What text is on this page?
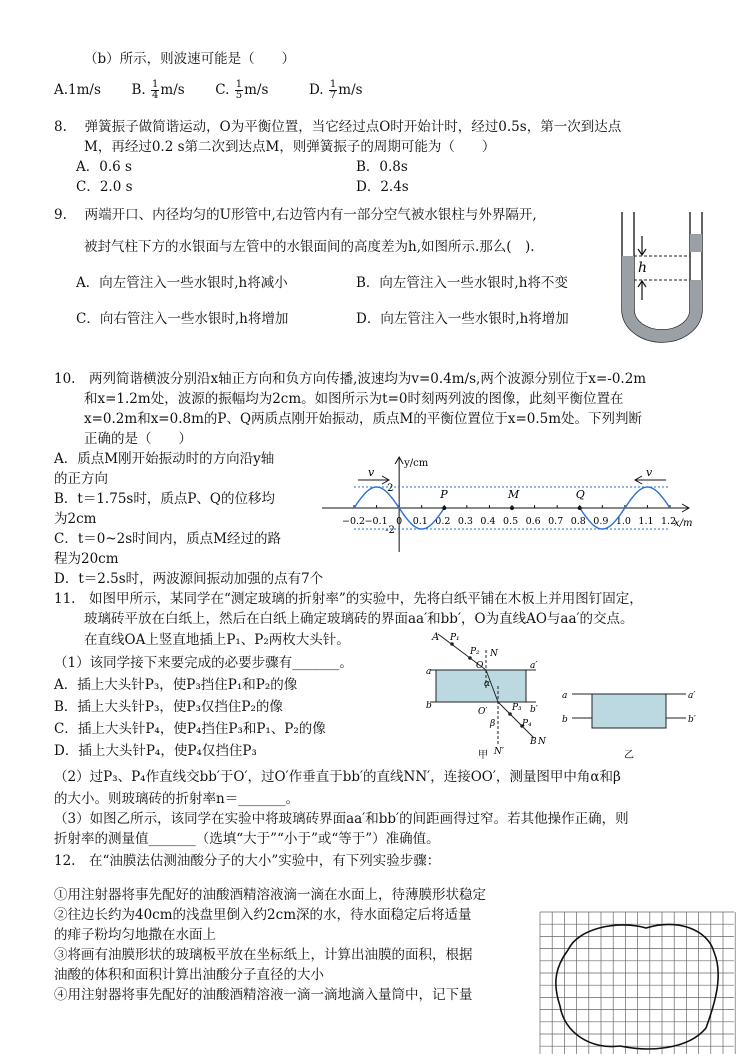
（b）所示，则波速可能是（　　）
A.1m/s B. $\frac{1}{4} m/s$ C. $\frac{1}{5} m/s$	D. $\frac{1}{7} m/s$
8.　 弹簧振子做简谐运动，O为平衡位置，当它经过点O时开始计时，经过0.5s，第一次到达点
M，再经过0.2 s第二次到达点M，则弹簧振子的周期可能为（　　）
A．0.6 s	B．0.8s
C．2.0 s	D．2.4s
9.　 两端开口、内径均匀的U形管中,右边管内有一部分空气被水银柱与外界隔开,
被封气柱下方的水银面与左管中的水银面间的高度差为h,如图所示.那么(　).
A．向左管注入一些水银时,h将减小	B．向左管注入一些水银时,h将不变
C．向右管注入一些水银时,h将增加	D．向左管注入一些水银时,h将增加
h
10.　两列简谐横波分别沿x轴正方向和负方向传播,波速均为v=0.4m/s,两个波源分别位于x=-0.2m
和x=1.2m处，波源的振幅均为2cm。如图所示为t=0时刻两列波的图像，此刻平衡位置在
x=0.2m和x=0.8m的P、Q两质点刚开始振动，质点M的平衡位置位于x=0.5m处。下列判断
正确的是（　　）
A．质点M刚开始振动时的方向沿y轴
的正方向
B．t＝1.75s时，质点P、Q的位移均
为2cm
C．t＝0~2s时间内，质点M经过的路
程为20cm
D．t＝2.5s时，两波源间振动加强的点有7个
y/cm
x/m
2
-2
−0.2 −0.1 0 0.1 0.2 0.3 0.4 0.5 0.6 0.7 0.8 0.9 1.0 1.1 1.2
P	M	Q
v	v
11.　如图甲所示，某同学在“测定玻璃的折射率”的实验中，先将白纸平铺在木板上并用图钉固定，
玻璃砖平放在白纸上，然后在白纸上确定玻璃砖的界面aa′和bb′，O为直线AO与aa′的交点。
在直线OA上竖直地插上P₁、P₂两枚大头针。
（1）该同学接下来要完成的必要步骤有_______。
A．插上大头针P₃，使P₃挡住P₁和P₂的像
B．插上大头针P₃，使P₃仅挡住P₂的像
C．插上大头针P₄，使P₄挡住P₃和P₁、P₂的像
D．插上大头针P₄，使P₄仅挡住P₃
（2）过P₃、P₄作直线交bb′于O′，过O′作垂直于bb′的直线NN′，连接OO′，测量图甲中角α和β
的大小。则玻璃砖的折射率n＝_______。
（3）如图乙所示，该同学在实验中将玻璃砖界面aa′和bb′的间距画得过窄。若其他操作正确，则
折射率的测量值_______（选填“大于”“小于”或“等于”）准确值。
A P₁
P₂ N
O
α
a
a′
b	b′
O′
β
P₃
P₄
B N
N′
甲
a	a′
b	b′
乙
12.　在“油膜法估测油酸分子的大小”实验中，有下列实验步骤：
①用注射器将事先配好的油酸酒精溶液滴一滴在水面上，待薄膜形状稳定
②往边长约为40cm的浅盘里倒入约2cm深的水，待水面稳定后将适量
的痱子粉均匀地撒在水面上
③将画有油膜形状的玻璃板平放在坐标纸上，计算出油膜的面积，根据
油酸的体积和面积计算出油酸分子直径的大小
④用注射器将事先配好的油酸酒精溶液一滴一滴地滴入量筒中，记下量
